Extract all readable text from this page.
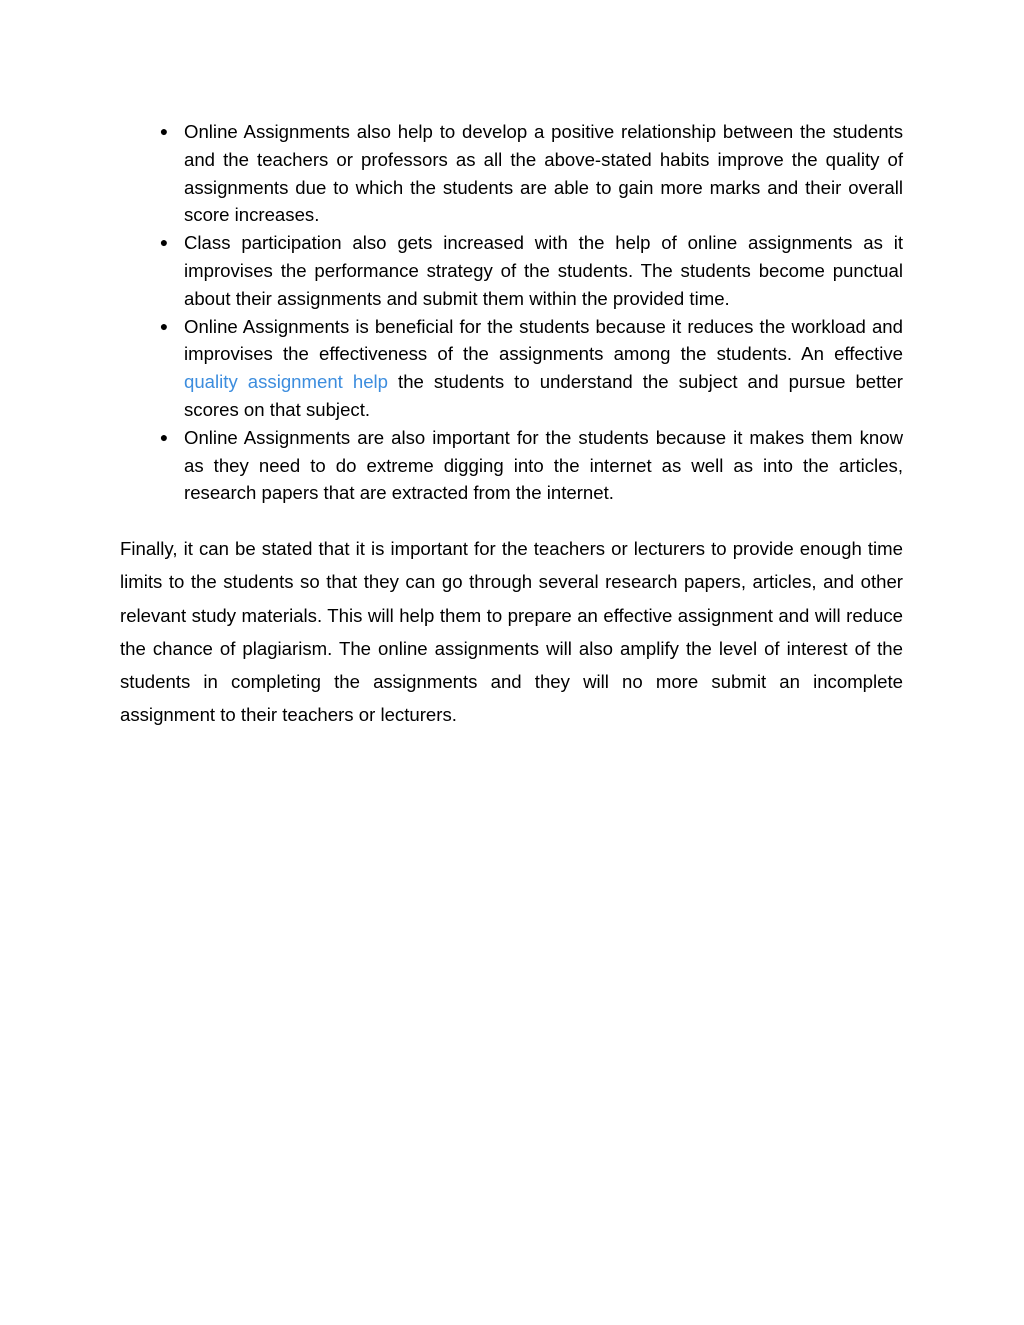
● Online Assignments also help to develop a positive relationship between the students and the teachers or professors as all the above-stated habits improve the quality of assignments due to which the students are able to gain more marks and their overall score increases.
● Class participation also gets increased with the help of online assignments as it improvises the performance strategy of the students. The students become punctual about their assignments and submit them within the provided time.
● Online Assignments is beneficial for the students because it reduces the workload and improvises the effectiveness of the assignments among the students. An effective quality assignment help the students to understand the subject and pursue better scores on that subject.
● Online Assignments are also important for the students because it makes them know as they need to do extreme digging into the internet as well as into the articles, research papers that are extracted from the internet.

Finally, it can be stated that it is important for the teachers or lecturers to provide enough time limits to the students so that they can go through several research papers, articles, and other relevant study materials. This will help them to prepare an effective assignment and will reduce the chance of plagiarism. The online assignments will also amplify the level of interest of the students in completing the assignments and they will no more submit an incomplete assignment to their teachers or lecturers.
